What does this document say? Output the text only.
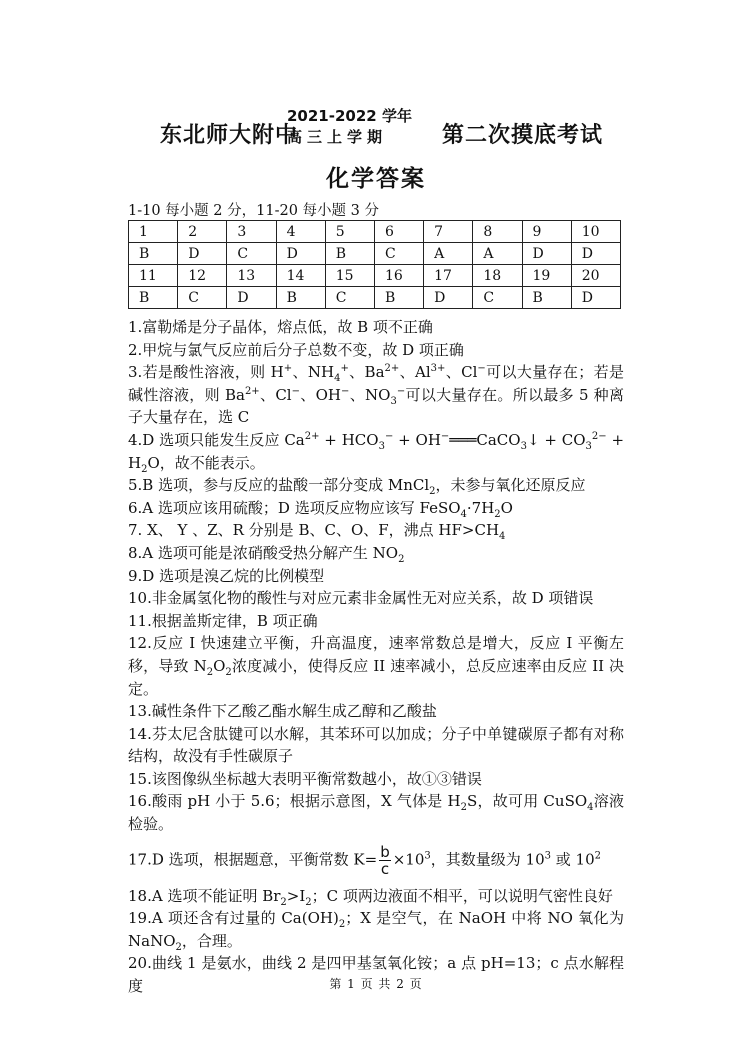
东北师大附中
2021-2022 学年
高三上学期	第二次摸底考试
化学答案
1-10 每小题 2 分，11-20 每小题 3 分
1	2	3	4	5	6	7	8	9	10
B	D	C	D	B	C	A	A	D	D
11	12	13	14	15	16	17	18	19	20
B	C	D	B	C	B	D	C	B	D

1.富勒烯是分子晶体，熔点低，故 B 项不正确

2.甲烷与氯气反应前后分子总数不变，故 D 项正确

3.若是酸性溶液，则 H+、$NH_4^+$、$Ba^{2+}$、$Al^{3+}$、Cl−可以大量存在；若是碱性溶液，则 $Ba^{2+}$、Cl−、OH−、$NO_3^-$可以大量存在。所以最多 5 种离子大量存在，选 C

4.D 选项只能发生反应 $Ca^{2+} + HCO_3^-$ + OH−═══CaCO$_3$↓ + $CO_3^{2-} + H_2O$，故不能表示。

5.B 选项，参与反应的盐酸一部分变成 MnCl$_2$，未参与氧化还原反应

6.A 选项应该用硫酸；D 选项反应物应该写 $FeSO_4\cdot 7H_2O$

7. X、 Y 、Z、R 分别是 B、C、O、F，沸点 $HF>CH_4$

8.A 选项可能是浓硝酸受热分解产生 $NO_2$

9.D 选项是溴乙烷的比例模型

10.非金属氢化物的酸性与对应元素非金属性无对应关系，故 D 项错误

11.根据盖斯定律，B 项正确

12.反应 I 快速建立平衡，升高温度，速率常数总是增大，反应 I 平衡左移，导致 $N_2O_2$浓度减小，使得反应 II 速率减小，总反应速率由反应 II 决定。

13.碱性条件下乙酸乙酯水解生成乙醇和乙酸盐

14.芬太尼含肽键可以水解，其苯环可以加成；分子中单键碳原子都有对称结构，故没有手性碳原子

15.该图像纵坐标越大表明平衡常数越小，故①③错误

16.酸雨 pH 小于 5.6；根据示意图，X 气体是 $H_2S$，故可用 CuSO$_4$溶液检验。

17.D 选项，根据题意，平衡常数 $K= \frac{b}{c} \times 10^3$，其数量级为 $10^3$ 或 $10^2$

18.A 选项不能证明 $Br_2>I_2$；C 项两边液面不相平，可以说明气密性良好

19.A 项还含有过量的 $Ca(OH)_2$；X 是空气，在 NaOH 中将 NO 氧化为 NaNO$_2$，合理。

20.曲线 1 是氨水，曲线 2 是四甲基氢氧化铵；a 点 pH=13；c 点水解程度	第 1 页 共 2 页
